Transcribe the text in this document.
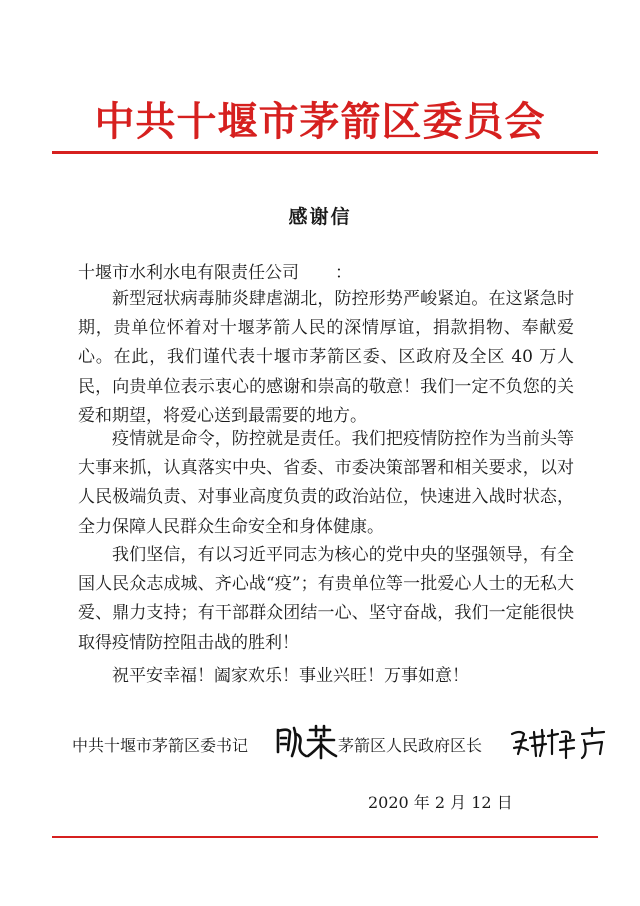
中共十堰市茅箭区委员会
感谢信
十堰市水利水电有限责任公司 ：
新型冠状病毒肺炎肆虐湖北，防控形势严峻紧迫。在这紧急时期，贵单位怀着对十堰茅箭人民的深情厚谊，捐款捐物、奉献爱心。在此，我们谨代表十堰市茅箭区委、区政府及全区 40 万人民，向贵单位表示衷心的感谢和崇高的敬意！我们一定不负您的关爱和期望，将爱心送到最需要的地方。
疫情就是命令，防控就是责任。我们把疫情防控作为当前头等大事来抓，认真落实中央、省委、市委决策部署和相关要求，以对人民极端负责、对事业高度负责的政治站位，快速进入战时状态，全力保障人民群众生命安全和身体健康。
我们坚信，有以习近平同志为核心的党中央的坚强领导，有全国人民众志成城、齐心战“疫”；有贵单位等一批爱心人士的无私大爱、鼎力支持；有干部群众团结一心、坚守奋战，我们一定能很快取得疫情防控阻击战的胜利！
祝平安幸福！阖家欢乐！事业兴旺！万事如意！
中共十堰市茅箭区委书记	茅箭区人民政府区长
2020 年 2 月 12 日
